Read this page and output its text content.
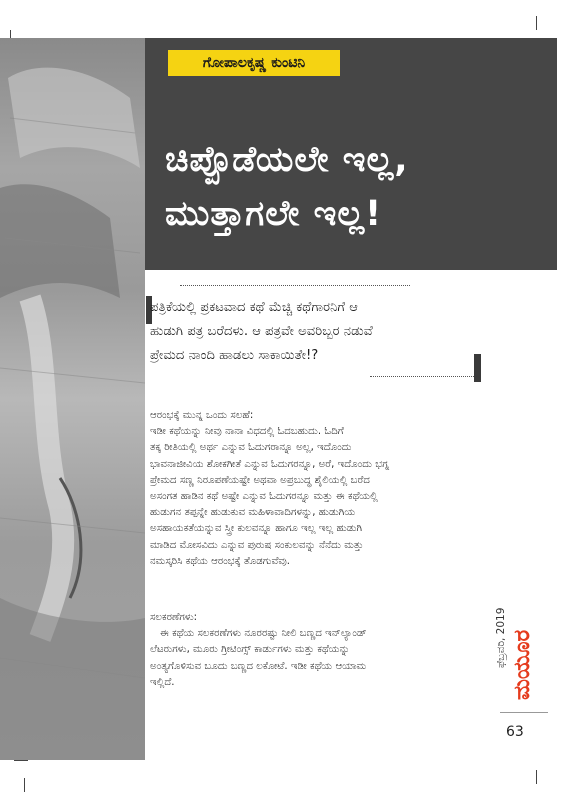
ಚಿಪ್ಪೊಡೆಯಲೇ ಇಲ್ಲ,
ಮುತ್ತಾಗಲೇ ಇಲ್ಲ!
ಗೋಪಾಲಕೃಷ್ಣ ಕುಂಟಿನಿ
ಪತ್ರಿಕೆಯಲ್ಲಿ ಪ್ರಕಟವಾದ ಕಥೆ ಮೆಚ್ಚಿ ಕಥೆಗಾರನಿಗೆ ಆ
ಹುಡುಗಿ ಪತ್ರ ಬರೆದಳು. ಆ ಪತ್ರವೇ ಅವರಿಬ್ಬರ ನಡುವೆ
ಪ್ರೇಮದ ನಾಂದಿ ಹಾಡಲು ಸಾಕಾಯಿತೇ!?
ಆರಂಭಕ್ಕೆ ಮುನ್ನ ಒಂದು ಸಲಹೆ:
ಇಡೀ ಕಥೆಯನ್ನು ನೀವು ನಾನಾ ವಿಧದಲ್ಲಿ ಓದಬಹುದು. ಓದಿಗೆ
ತಕ್ಕ ರೀತಿಯಲ್ಲಿ ಅರ್ಥ ಎನ್ನುವ ಓದುಗರಾನ್ನೂ ಅಲ್ಲ, ಇದೊಂದು
ಭಾವನಾಜೀವಿಯ ಶೋಕಗೀತೆ ಎನ್ನುವ ಓದುಗರನ್ನೂ, ಅರೆ, ಇದೊಂದು ಭಗ್ನ
ಪ್ರೇಮದ ಸಣ್ಣ ನಿರೂಪಣೆಯಷ್ಟೇ ಅಥವಾ ಅಪ್ರಬುದ್ಧ ಶೈಲಿಯಲ್ಲಿ ಬರೆದ
ಅಸಂಗತ ಹಾಡಿನ ಕಥೆ ಅಷ್ಟೇ ಎನ್ನುವ ಓದುಗರನ್ನೂ ಮತ್ತು ಈ ಕಥೆಯಲ್ಲಿ
ಹುಡುಗನ ತಪ್ಪನ್ನೇ ಹುಡುಕುವ ಮಹಿಳಾವಾದಿಗಳನ್ನು, ಹುಡುಗಿಯ
ಅಸಹಾಯಕತೆಯನ್ನುವ ಸ್ತ್ರೀ ಕುಲವನ್ನೂ ಹಾಗೂ ಇಲ್ಲ ಇಲ್ಲ ಹುಡುಗಿ
ಮಾಡಿದ ಮೋಸವಿದು ಎನ್ನುವ ಪುರುಷ ಸಂಕುಲವನ್ನು ನೆನೆದು ಮತ್ತು
ನಮಸ್ಕರಿಸಿ ಕಥೆಯ ಆರಂಭಕ್ಕೆ ತೊಡಗುವೆವು.
ಸಲಕರಣೆಗಳು:
ಈ ಕಥೆಯ ಸಲಕರಣೆಗಳು ನೂರರಷ್ಟು ನೀಲಿ ಬಣ್ಣದ ಇನ್‌ಲ್ಯಾಂಡ್
ಲೆಟರುಗಳು, ಮೂರು ಗ್ರೀಟಿಂಗ್ಸ್ ಕಾರ್ಡುಗಳು ಮತ್ತು ಕಥೆಯನ್ನು
ಅಂತ್ಯಗೊಳಿಸುವ ಬೂದು ಬಣ್ಣದ ಲಕೋಟೆ. ಇಡೀ ಕಥೆಯ ಆಯಾಮ
ಇಲ್ಲಿದೆ.
ಫೆಬ್ರವರಿ, 2019 ಮಯೂರ
63
